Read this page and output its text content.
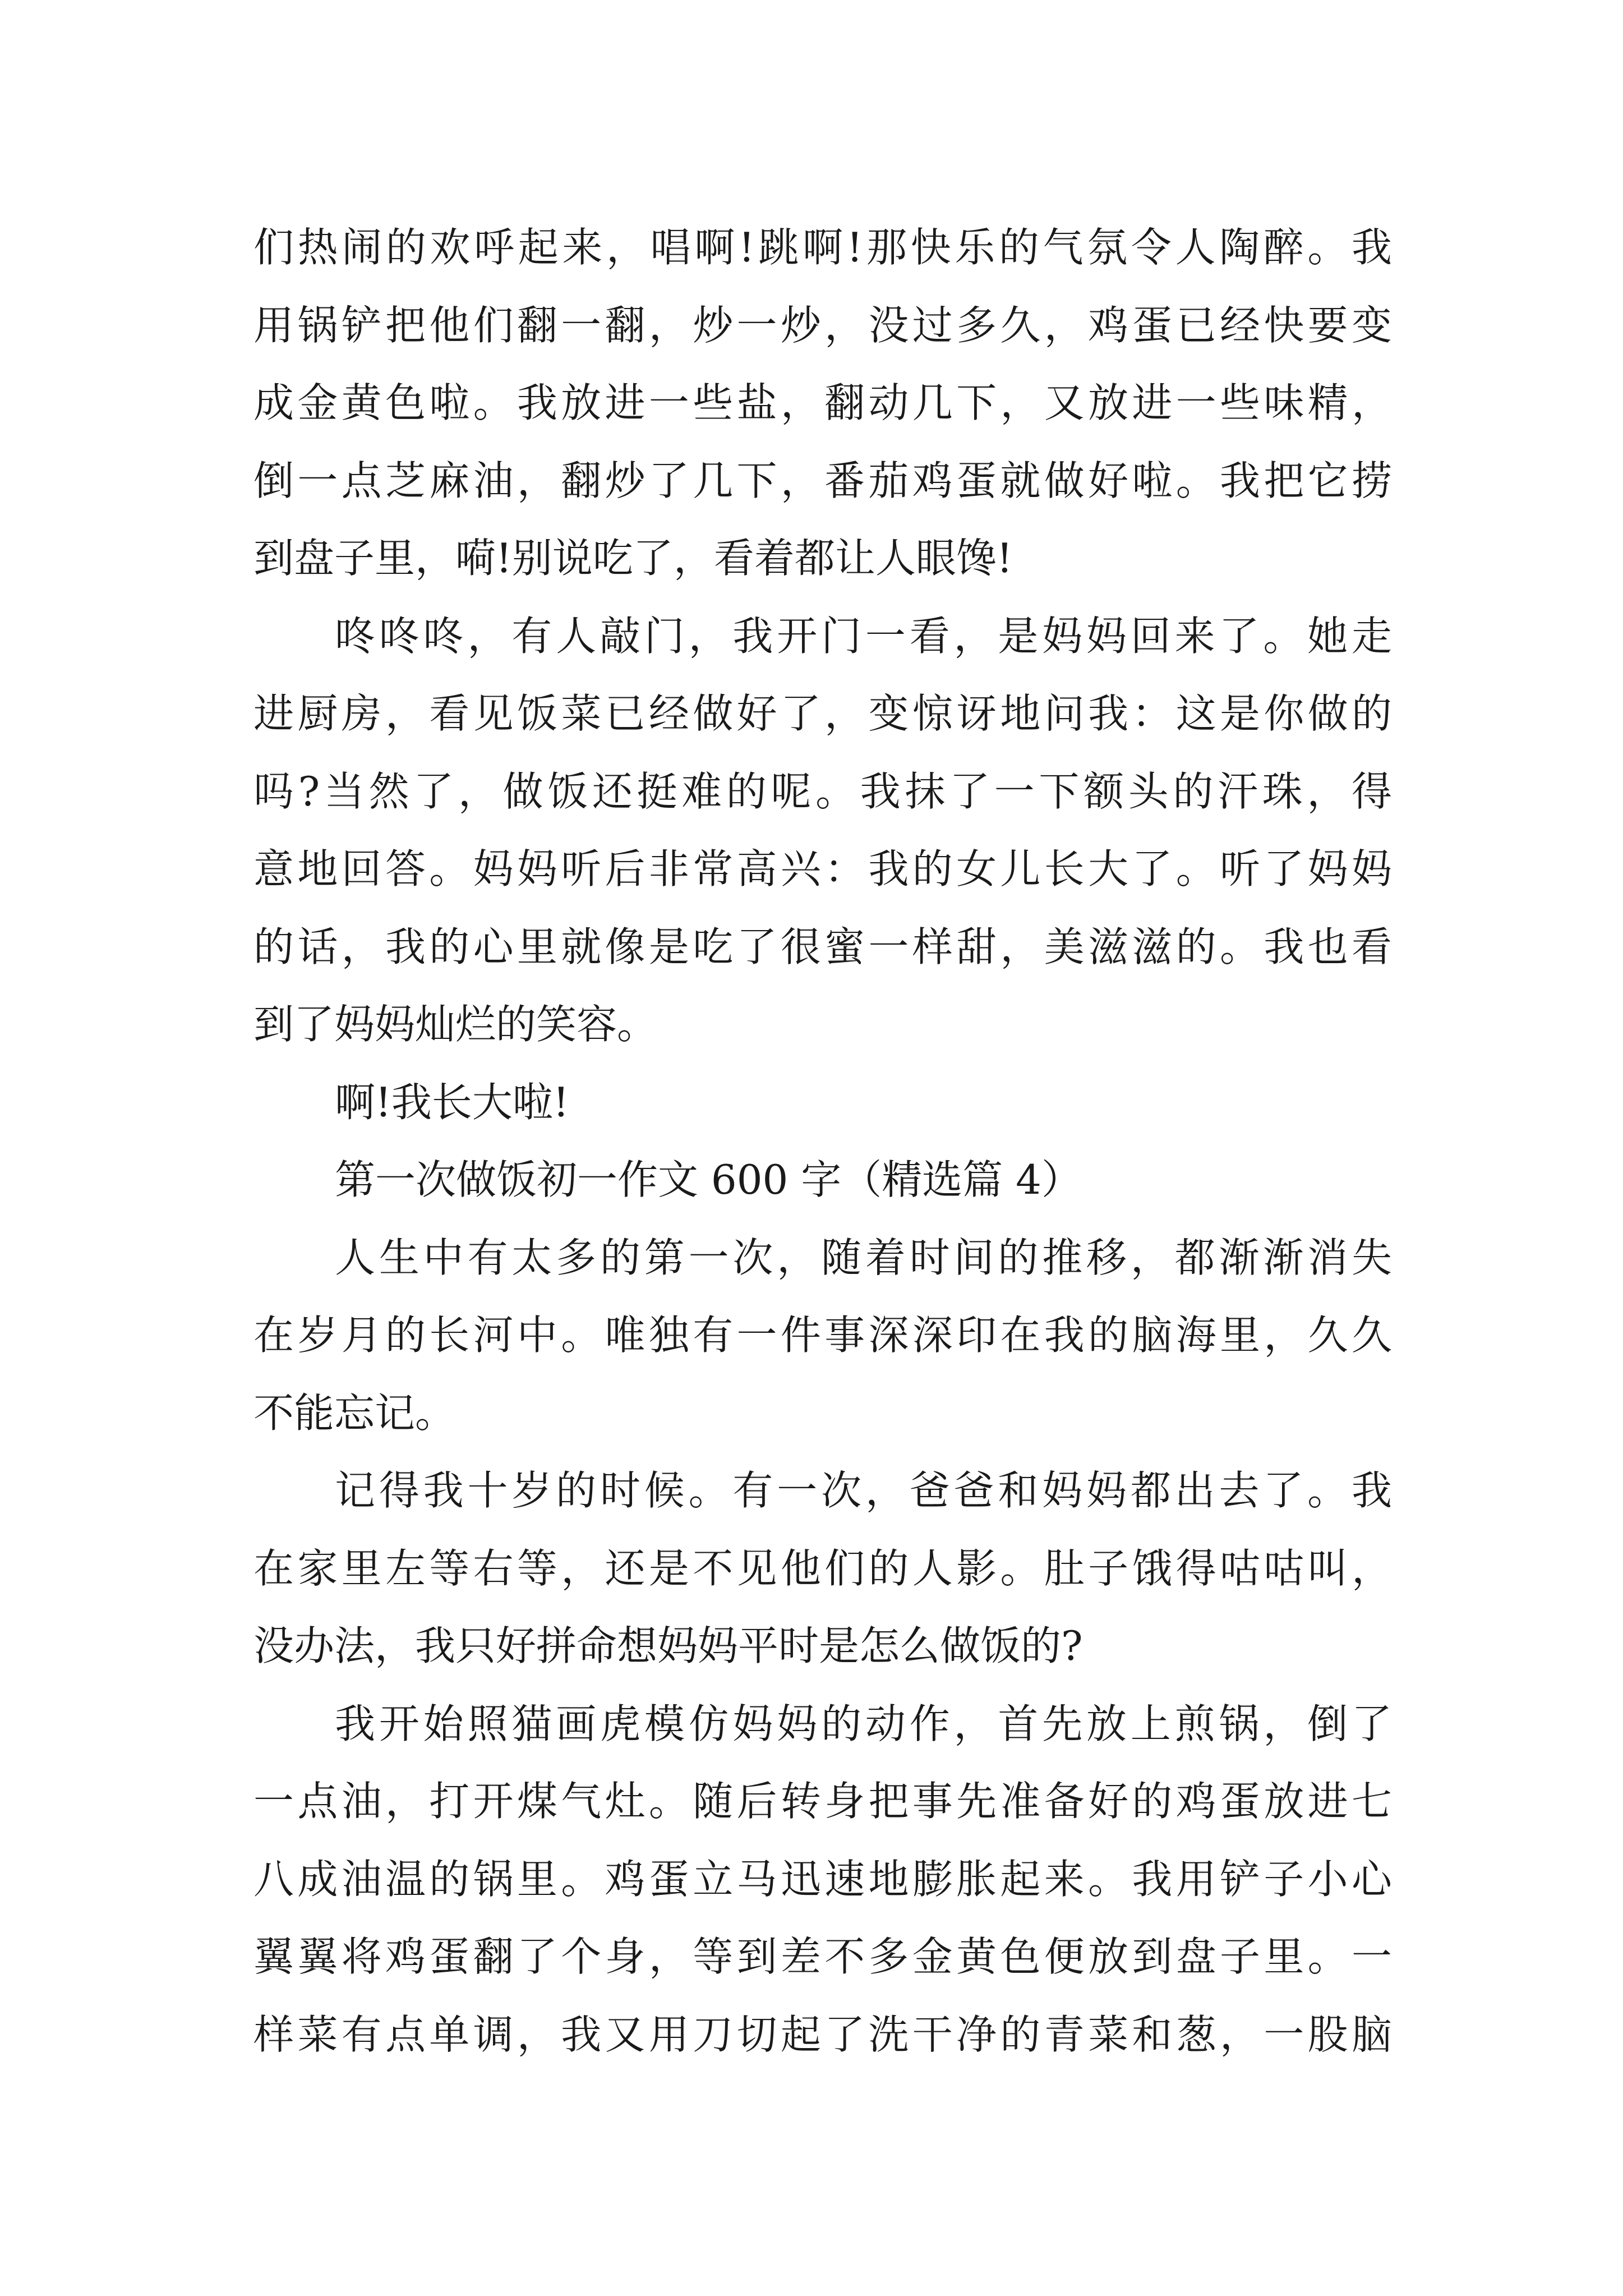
们热闹的欢呼起来，唱啊!跳啊!那快乐的气氛令人陶醉。我
用锅铲把他们翻一翻，炒一炒，没过多久，鸡蛋已经快要变
成金黄色啦。我放进一些盐，翻动几下，又放进一些味精，
倒一点芝麻油，翻炒了几下，番茄鸡蛋就做好啦。我把它捞
到盘子里，嗬!别说吃了，看着都让人眼馋!
咚咚咚，有人敲门，我开门一看，是妈妈回来了。她走
进厨房，看见饭菜已经做好了，变惊讶地问我：这是你做的
吗?当然了，做饭还挺难的呢。我抹了一下额头的汗珠，得
意地回答。妈妈听后非常高兴：我的女儿长大了。听了妈妈
的话，我的心里就像是吃了很蜜一样甜，美滋滋的。我也看
到了妈妈灿烂的笑容。
啊!我长大啦!
第一次做饭初一作文 600 字（精选篇 4）
人生中有太多的第一次，随着时间的推移，都渐渐消失
在岁月的长河中。唯独有一件事深深印在我的脑海里，久久
不能忘记。
记得我十岁的时候。有一次，爸爸和妈妈都出去了。我
在家里左等右等，还是不见他们的人影。肚子饿得咕咕叫，
没办法，我只好拼命想妈妈平时是怎么做饭的?
我开始照猫画虎模仿妈妈的动作，首先放上煎锅，倒了
一点油，打开煤气灶。随后转身把事先准备好的鸡蛋放进七
八成油温的锅里。鸡蛋立马迅速地膨胀起来。我用铲子小心
翼翼将鸡蛋翻了个身，等到差不多金黄色便放到盘子里。一
样菜有点单调，我又用刀切起了洗干净的青菜和葱，一股脑
